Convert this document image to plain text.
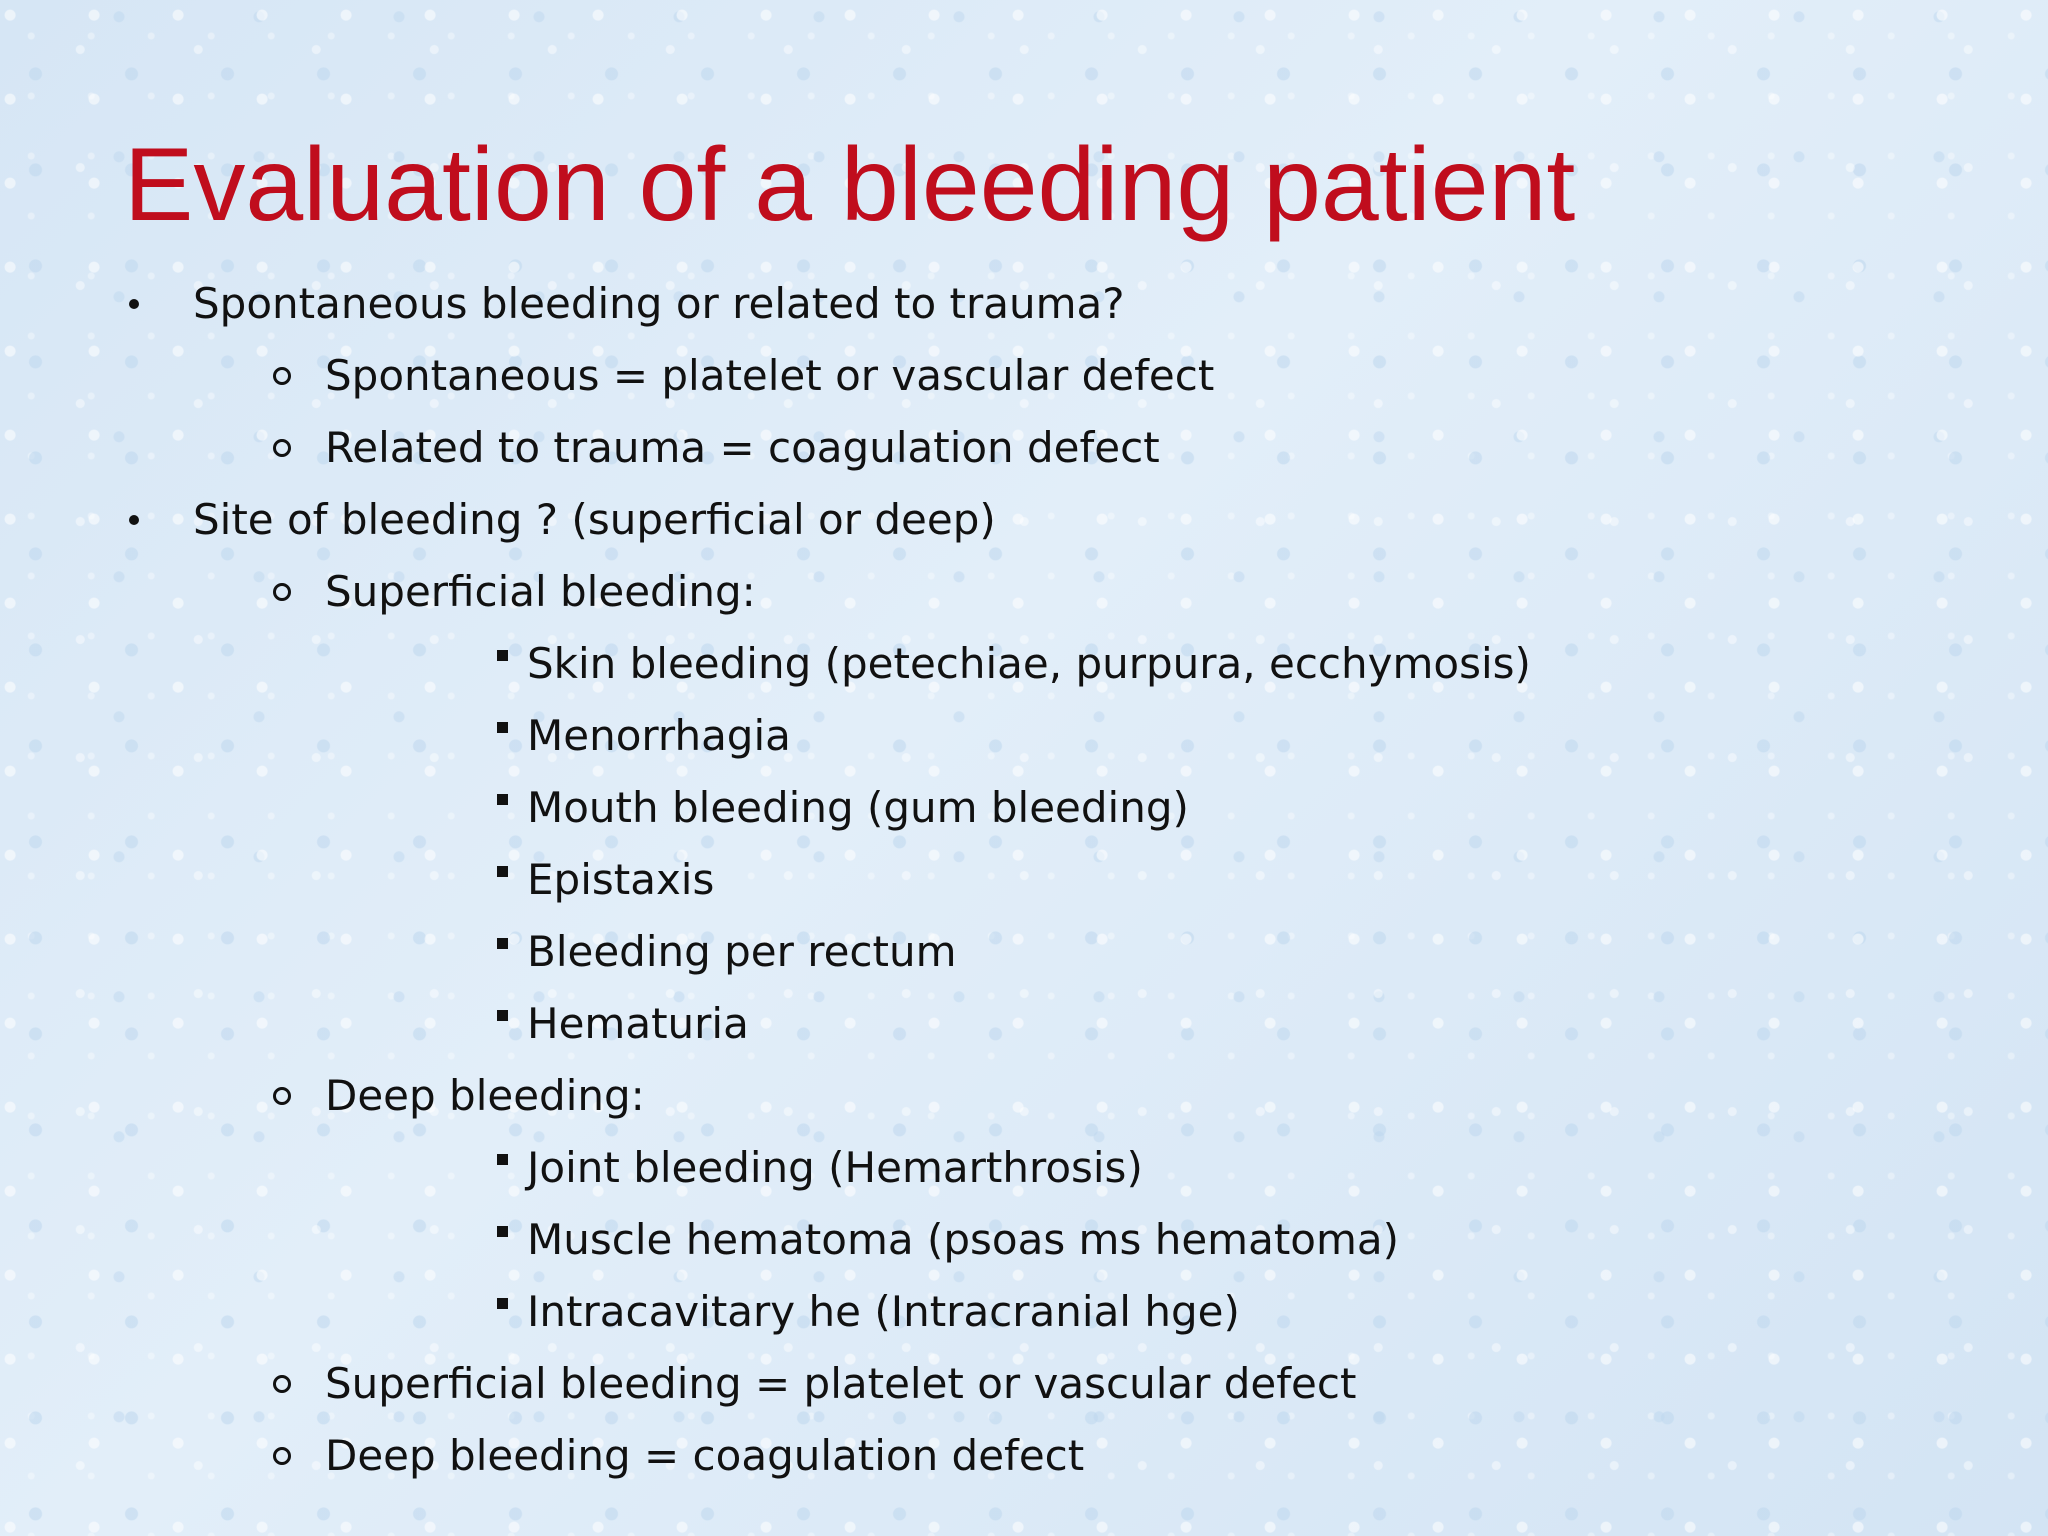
Evaluation of a bleeding patient
Spontaneous bleeding or related to trauma?
Spontaneous = platelet or vascular defect
Related to trauma = coagulation defect
Site of bleeding ? (superficial or deep)
Superficial bleeding:
Skin bleeding (petechiae, purpura, ecchymosis)
Menorrhagia
Mouth bleeding (gum bleeding)
Epistaxis
Bleeding per rectum
Hematuria
Deep bleeding:
Joint bleeding (Hemarthrosis)
Muscle hematoma (psoas ms hematoma)
Intracavitary he (Intracranial hge)
Superficial bleeding = platelet or vascular defect
Deep bleeding = coagulation defect
